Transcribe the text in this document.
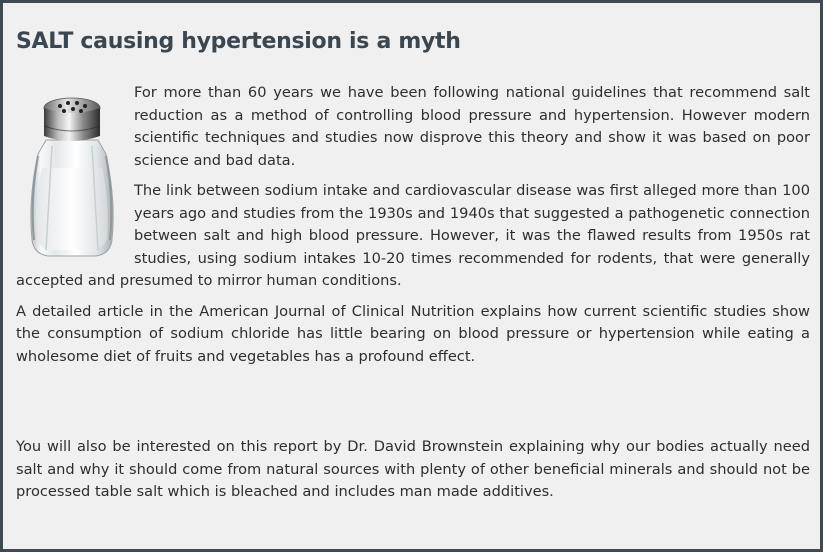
SALT causing hypertension is a myth

For more than 60 years we have been following national guidelines that recommend salt reduction as a method of controlling blood pressure and hypertension. However modern scientific techniques and studies now disprove this theory and show it was based on poor science and bad data.

The link between sodium intake and cardiovascular disease was first alleged more than 100 years ago and studies from the 1930s and 1940s that suggested a pathogenetic connection between salt and high blood pressure. However, it was the flawed results from 1950s rat studies, using sodium intakes 10-20 times recommended for rodents, that were generally accepted and presumed to mirror human conditions.

A detailed article in the American Journal of Clinical Nutrition explains how current scientific studies show the consumption of sodium chloride has little bearing on blood pressure or hypertension while eating a wholesome diet of fruits and vegetables has a profound effect.

You will also be interested on this report by Dr. David Brownstein explaining why our bodies actually need salt and why it should come from natural sources with plenty of other beneficial minerals and should not be processed table salt which is bleached and includes man made additives.
